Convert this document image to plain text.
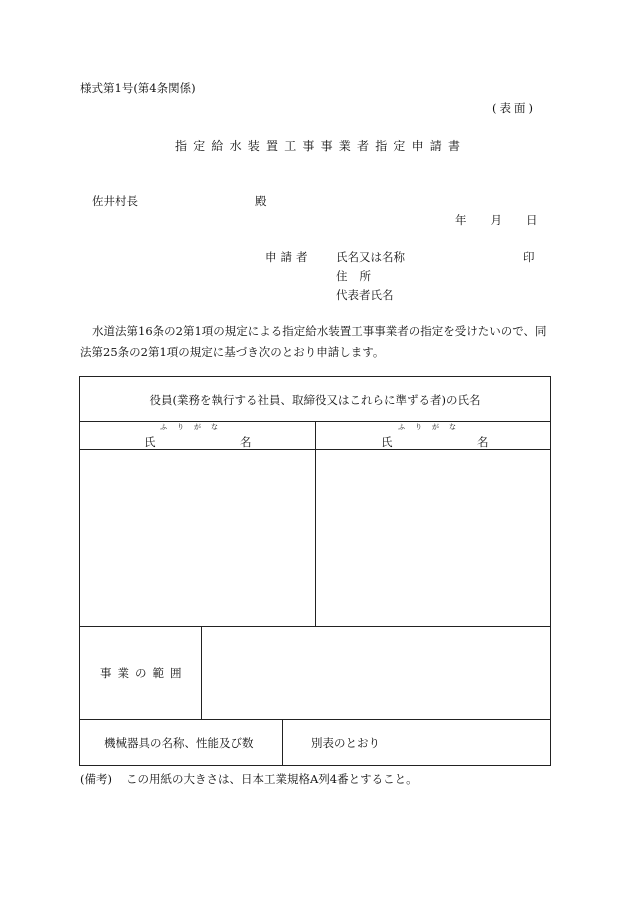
様式第1号(第4条関係)
(表面)
指定給水装置工事事業者指定申請書
佐井村長	殿
年 月 日
申請者 氏名又は名称	印
住所
代表者氏名
水道法第16条の2第1項の規定による指定給水装置工事事業者の指定を受けたいので、同法第25条の2第1項の規定に基づき次のとおり申請します。
役員(業務を執行する社員、取締役又はこれらに準ずる者)の氏名
ふりがな
氏	名
ふりがな
氏	名
事業の範囲
機械器具の名称、性能及び数	別表のとおり
(備考) この用紙の大きさは、日本工業規格A列4番とすること。
